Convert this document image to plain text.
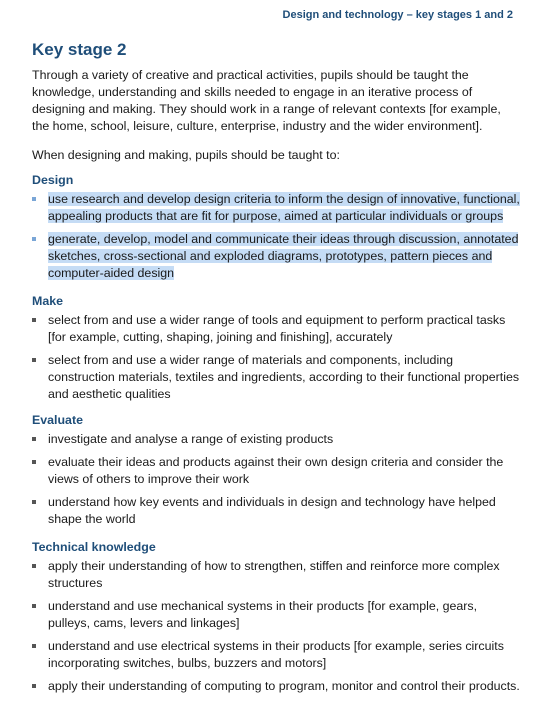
Design and technology – key stages 1 and 2
Key stage 2

Through a variety of creative and practical activities, pupils should be taught the knowledge, understanding and skills needed to engage in an iterative process of designing and making. They should work in a range of relevant contexts [for example, the home, school, leisure, culture, enterprise, industry and the wider environment].

When designing and making, pupils should be taught to:

Design
use research and develop design criteria to inform the design of innovative, functional, appealing products that are fit for purpose, aimed at particular individuals or groups
generate, develop, model and communicate their ideas through discussion, annotated sketches, cross-sectional and exploded diagrams, prototypes, pattern pieces and computer-aided design
Make
select from and use a wider range of tools and equipment to perform practical tasks [for example, cutting, shaping, joining and finishing], accurately
select from and use a wider range of materials and components, including construction materials, textiles and ingredients, according to their functional properties and aesthetic qualities
Evaluate
investigate and analyse a range of existing products
evaluate their ideas and products against their own design criteria and consider the views of others to improve their work
understand how key events and individuals in design and technology have helped shape the world
Technical knowledge
apply their understanding of how to strengthen, stiffen and reinforce more complex structures
understand and use mechanical systems in their products [for example, gears, pulleys, cams, levers and linkages]
understand and use electrical systems in their products [for example, series circuits incorporating switches, bulbs, buzzers and motors]
apply their understanding of computing to program, monitor and control their products.
